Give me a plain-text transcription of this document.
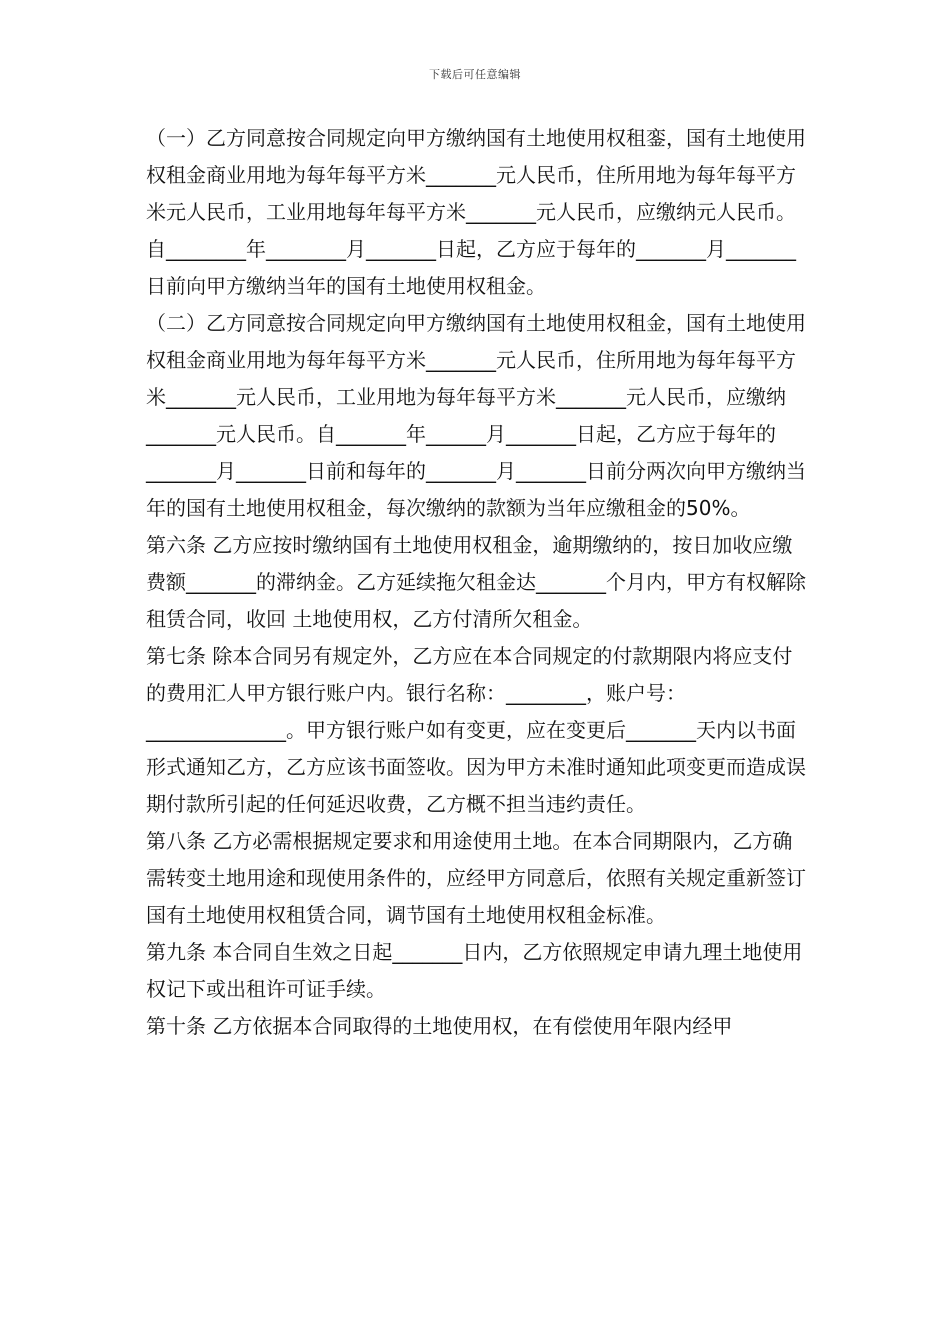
下载后可任意编辑

（一）乙方同意按合同规定向甲方缴纳国有土地使用权租銮，国有土地使用权租金商业用地为每年每平方米_______元人民币，住所用地为每年每平方米元人民币，工业用地每年每平方米_______元人民币，应缴纳元人民币。自________年________月_______日起，乙方应于每年的_______月_______日前向甲方缴纳当年的国有土地使用权租金。

（二）乙方同意按合同规定向甲方缴纳国有土地使用权租金，国有土地使用权租金商业用地为每年每平方米_______元人民币，住所用地为每年每平方米_______元人民币，工业用地为每年每平方米_______元人民币，应缴纳_______元人民币。自_______年______月_______日起，乙方应于每年的_______月_______日前和每年的_______月_______日前分两次向甲方缴纳当年的国有土地使用权租金，每次缴纳的款额为当年应缴租金的50%。

第六条 乙方应按时缴纳国有土地使用权租金，逾期缴纳的，按日加收应缴费额_______的滞纳金。乙方延续拖欠租金达_______个月内，甲方有权解除租赁合同，收回 土地使用权，乙方付清所欠租金。

第七条 除本合同另有规定外，乙方应在本合同规定的付款期限内将应支付的费用汇人甲方银行账户内。银行名称：________，账户号：______________。甲方银行账户如有变更，应在变更后_______天内以书面形式通知乙方，乙方应该书面签收。因为甲方未准时通知此项变更而造成误期付款所引起的任何延迟收费，乙方概不担当违约责任。

第八条 乙方必需根据规定要求和用途使用土地。在本合同期限内，乙方确需转变土地用途和现使用条件的，应经甲方同意后，依照有关规定重新签订国有土地使用权租赁合同，调节国有土地使用权租金标准。

第九条 本合同自生效之日起_______日内，乙方依照规定申请九理土地使用权记下或出租许可证手续。

第十条 乙方依据本合同取得的土地使用权，在有偿使用年限内经甲
